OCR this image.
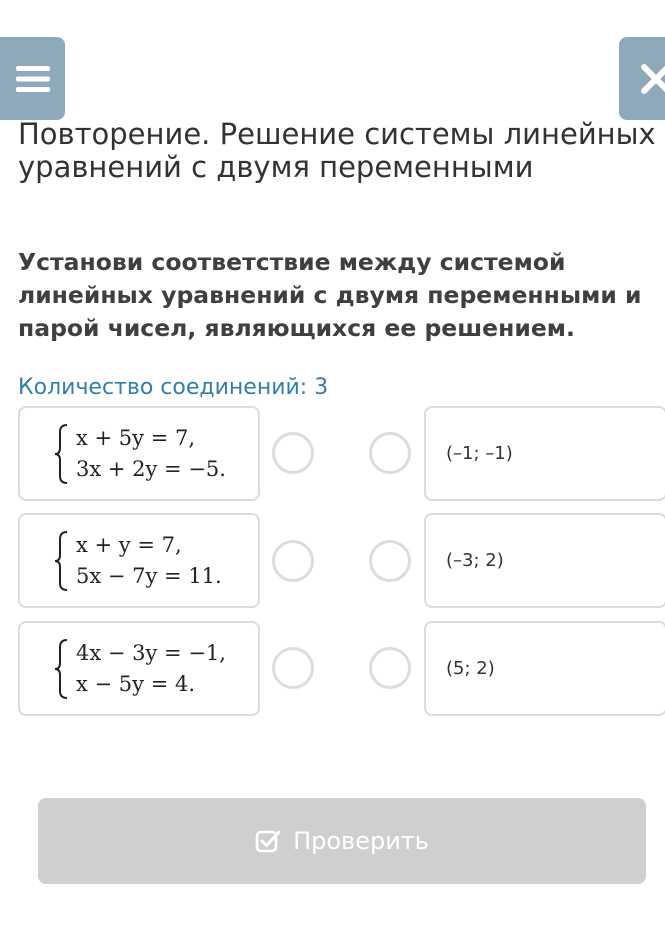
Повторение. Решение системы линейных уравнений с двумя переменными

Установи соответствие между системой линейных уравнений с двумя переменными и парой чисел, являющихся ее решением.

Количество соединений: 3
x + 5y = 7,
3x + 2y = −5.
(–1; –1)
x + y = 7,
5x − 7y = 11.
(–3; 2)
4x − 3y = −1,
x − 5y = 4.
(5; 2)
Проверить
